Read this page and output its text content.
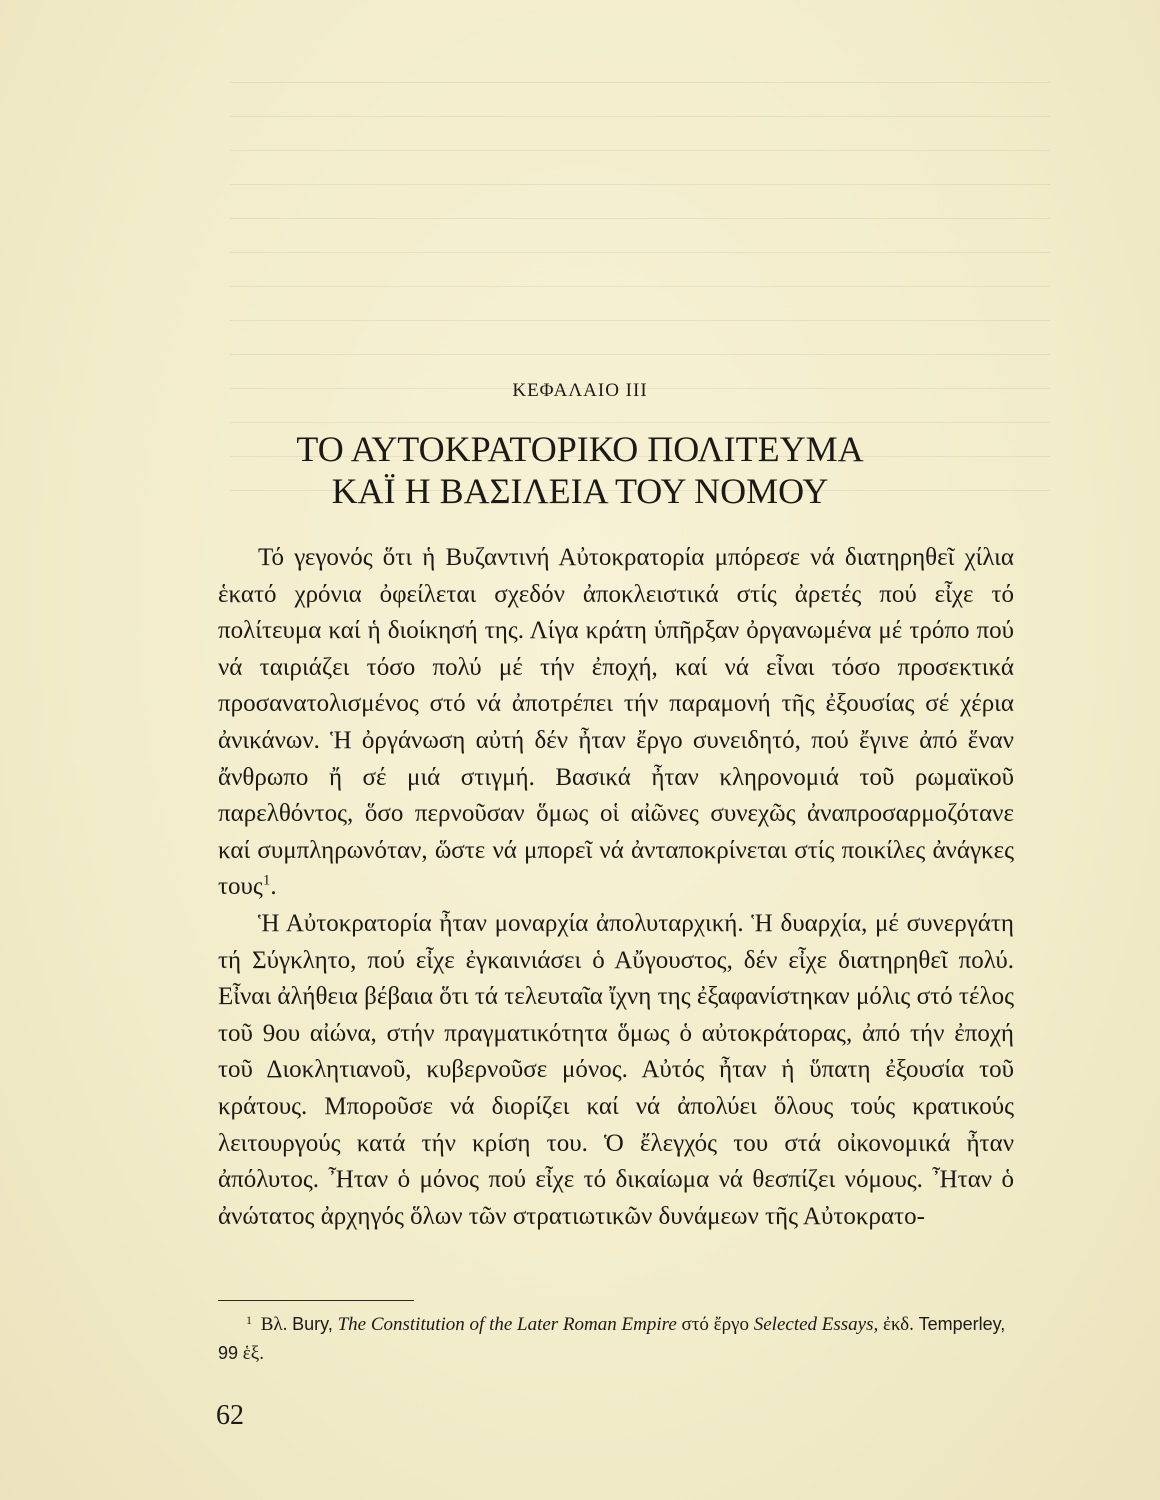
ΚΕΦΑΛΑΙΟ ΙΙΙ
ΤΟ ΑΥΤΟΚΡΑΤΟΡΙΚΟ ΠΟΛΙΤΕΥΜΑ
ΚΑΪ Η ΒΑΣΙΛΕΙΑ ΤΟΥ ΝΟΜΟΥ

Τό γεγονός ὅτι ἡ Βυζαντινή Αὐτοκρατορία μπόρεσε νά διατηρηθεῖ χίλια ἑκατό χρόνια ὀφείλεται σχεδόν ἀποκλειστικά στίς ἀρετές πού εἶχε τό πολίτευμα καί ἡ διοίκησή της. Λίγα κράτη ὑπῆρξαν ὀργανωμένα μέ τρόπο πού νά ταιριάζει τόσο πολύ μέ τήν ἐποχή, καί νά εἶναι τόσο προσεκτικά προσανατολισμένος στό νά ἀποτρέπει τήν παραμονή τῆς ἐξουσίας σέ χέρια ἀνικάνων. Ἡ ὀργάνωση αὐτή δέν ἦταν ἔργο συνειδητό, πού ἔγινε ἀπό ἕναν ἄνθρωπο ἤ σέ μιά στιγμή. Βασικά ἦταν κληρονομιά τοῦ ρωμαϊκοῦ παρελθόντος, ὅσο περνοῦσαν ὅμως οἱ αἰῶνες συνεχῶς ἀναπροσαρμοζότανε καί συμπληρωνόταν, ὥστε νά μπορεῖ νά ἀνταποκρίνεται στίς ποικίλες ἀνάγκες τους$^1$.

Ἡ Αὐτοκρατορία ἦταν μοναρχία ἀπολυταρχική. Ἡ δυαρχία, μέ συνεργάτη τή Σύγκλητο, πού εἶχε ἐγκαινιάσει ὁ Αὔγουστος, δέν εἶχε διατηρηθεῖ πολύ. Εἶναι ἀλήθεια βέβαια ὅτι τά τελευταῖα ἴχνη της ἐξαφανίστηκαν μόλις στό τέλος τοῦ 9ου αἰώνα, στήν πραγματικότητα ὅμως ὁ αὐτοκράτορας, ἀπό τήν ἐποχή τοῦ Διοκλητιανοῦ, κυβερνοῦσε μόνος. Αὐτός ἦταν ἡ ὕπατη ἐξουσία τοῦ κράτους. Μποροῦσε νά διορίζει καί νά ἀπολύει ὅλους τούς κρατικούς λειτουργούς κατά τήν κρίση του. Ὁ ἔλεγχός του στά οἰκονομικά ἦταν ἀπόλυτος. Ἦταν ὁ μόνος πού εἶχε τό δικαίωμα νά θεσπίζει νόμους. Ἦταν ὁ ἀνώτατος ἀρχηγός ὅλων τῶν στρατιωτικῶν δυνάμεων τῆς Αὐτοκρατο-

$^1$ Βλ. Bury, The Constitution of the Later Roman Empire στό ἔργο Selected Essays, ἐκδ. Temperley, 99 ἑξ.
62
